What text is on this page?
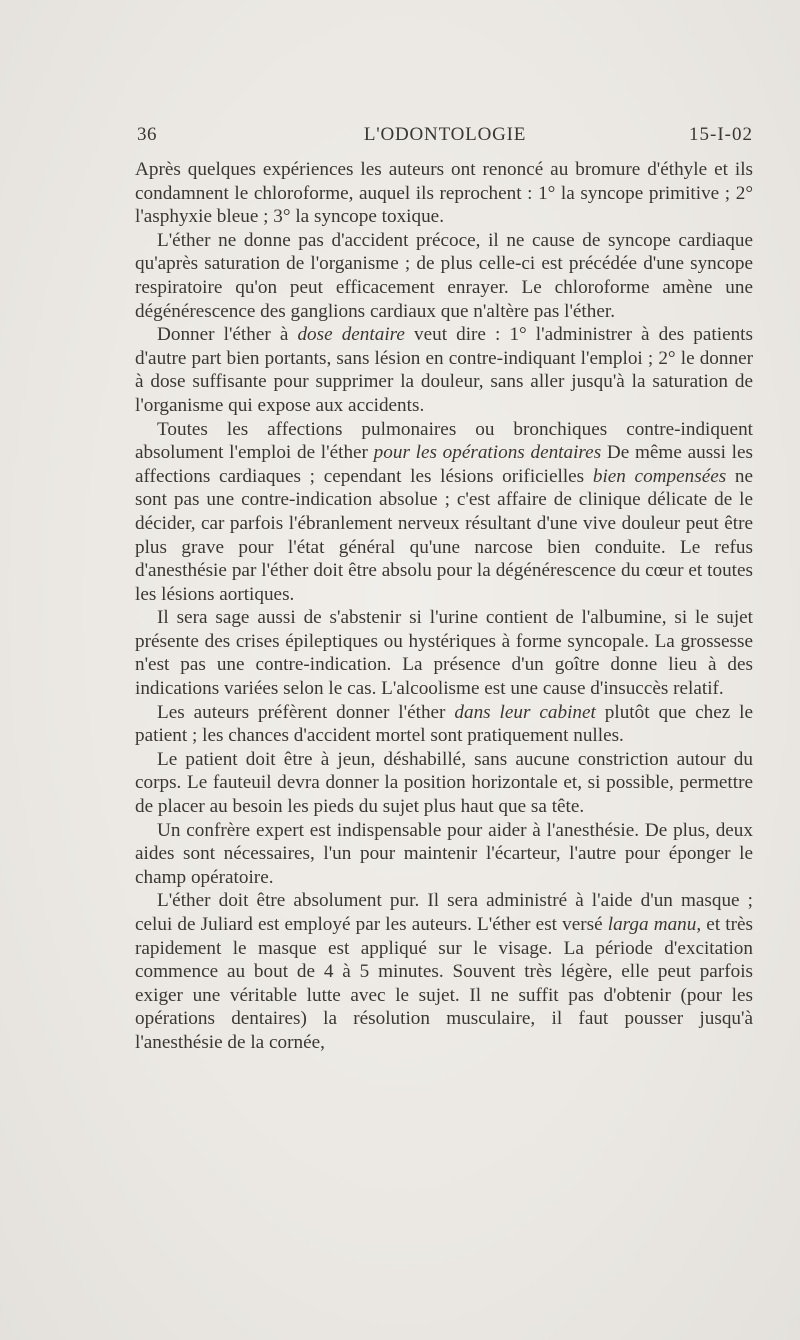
36	L'ODONTOLOGIE	15-I-02

Après quelques expériences les auteurs ont renoncé au bromure d'éthyle et ils condamnent le chloroforme, auquel ils reprochent : 1° la syncope primitive ; 2° l'asphyxie bleue ; 3° la syncope toxique.

L'éther ne donne pas d'accident précoce, il ne cause de syncope cardiaque qu'après saturation de l'organisme ; de plus celle-ci est précédée d'une syncope respiratoire qu'on peut efficacement enrayer. Le chloroforme amène une dégénérescence des ganglions cardiaux que n'altère pas l'éther.

Donner l'éther à dose dentaire veut dire : 1° l'administrer à des patients d'autre part bien portants, sans lésion en contre-indiquant l'emploi ; 2° le donner à dose suffisante pour supprimer la douleur, sans aller jusqu'à la saturation de l'organisme qui expose aux accidents.

Toutes les affections pulmonaires ou bronchiques contre-indiquent absolument l'emploi de l'éther pour les opérations dentaires De même aussi les affections cardiaques ; cependant les lésions orificielles bien compensées ne sont pas une contre-indication absolue ; c'est affaire de clinique délicate de le décider, car parfois l'ébranlement nerveux résultant d'une vive douleur peut être plus grave pour l'état général qu'une narcose bien conduite. Le refus d'anesthésie par l'éther doit être absolu pour la dégénérescence du cœur et toutes les lésions aortiques.

Il sera sage aussi de s'abstenir si l'urine contient de l'albumine, si le sujet présente des crises épileptiques ou hystériques à forme syncopale. La grossesse n'est pas une contre-indication. La présence d'un goître donne lieu à des indications variées selon le cas. L'alcoolisme est une cause d'insuccès relatif.

Les auteurs préfèrent donner l'éther dans leur cabinet plutôt que chez le patient ; les chances d'accident mortel sont pratiquement nulles.

Le patient doit être à jeun, déshabillé, sans aucune constriction autour du corps. Le fauteuil devra donner la position horizontale et, si possible, permettre de placer au besoin les pieds du sujet plus haut que sa tête.

Un confrère expert est indispensable pour aider à l'anesthésie. De plus, deux aides sont nécessaires, l'un pour maintenir l'écarteur, l'autre pour éponger le champ opératoire.

L'éther doit être absolument pur. Il sera administré à l'aide d'un masque ; celui de Juliard est employé par les auteurs. L'éther est versé larga manu, et très rapidement le masque est appliqué sur le visage. La période d'excitation commence au bout de 4 à 5 minutes. Souvent très légère, elle peut parfois exiger une véritable lutte avec le sujet. Il ne suffit pas d'obtenir (pour les opérations dentaires) la résolution musculaire, il faut pousser jusqu'à l'anesthésie de la cornée,
